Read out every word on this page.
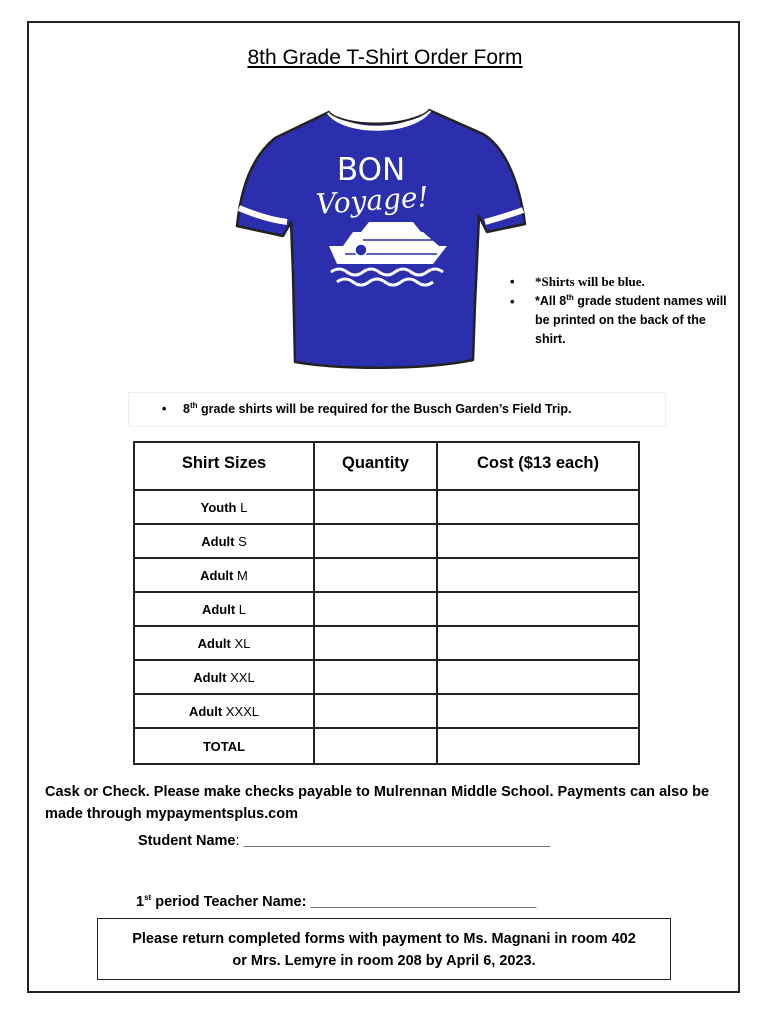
8th Grade T-Shirt Order Form
BON
Voyage!
• *Shirts will be blue.
• *All 8th grade student names will be printed on the back of the shirt.
• 8th grade shirts will be required for the Busch Garden’s Field Trip.
Shirt Sizes	Quantity	Cost ($13 each)
Youth L		
Adult S		
Adult M		
Adult L		
Adult XL		
Adult XXL		
Adult XXXL		
TOTAL		
Cask or Check. Please make checks payable to Mulrennan Middle School. Payments can also be made through mypaymentsplus.com
Student Name: ______________________________________
1st period Teacher Name: ____________________________
Please return completed forms with payment to Ms. Magnani in room 402
or Mrs. Lemyre in room 208 by April 6, 2023.
